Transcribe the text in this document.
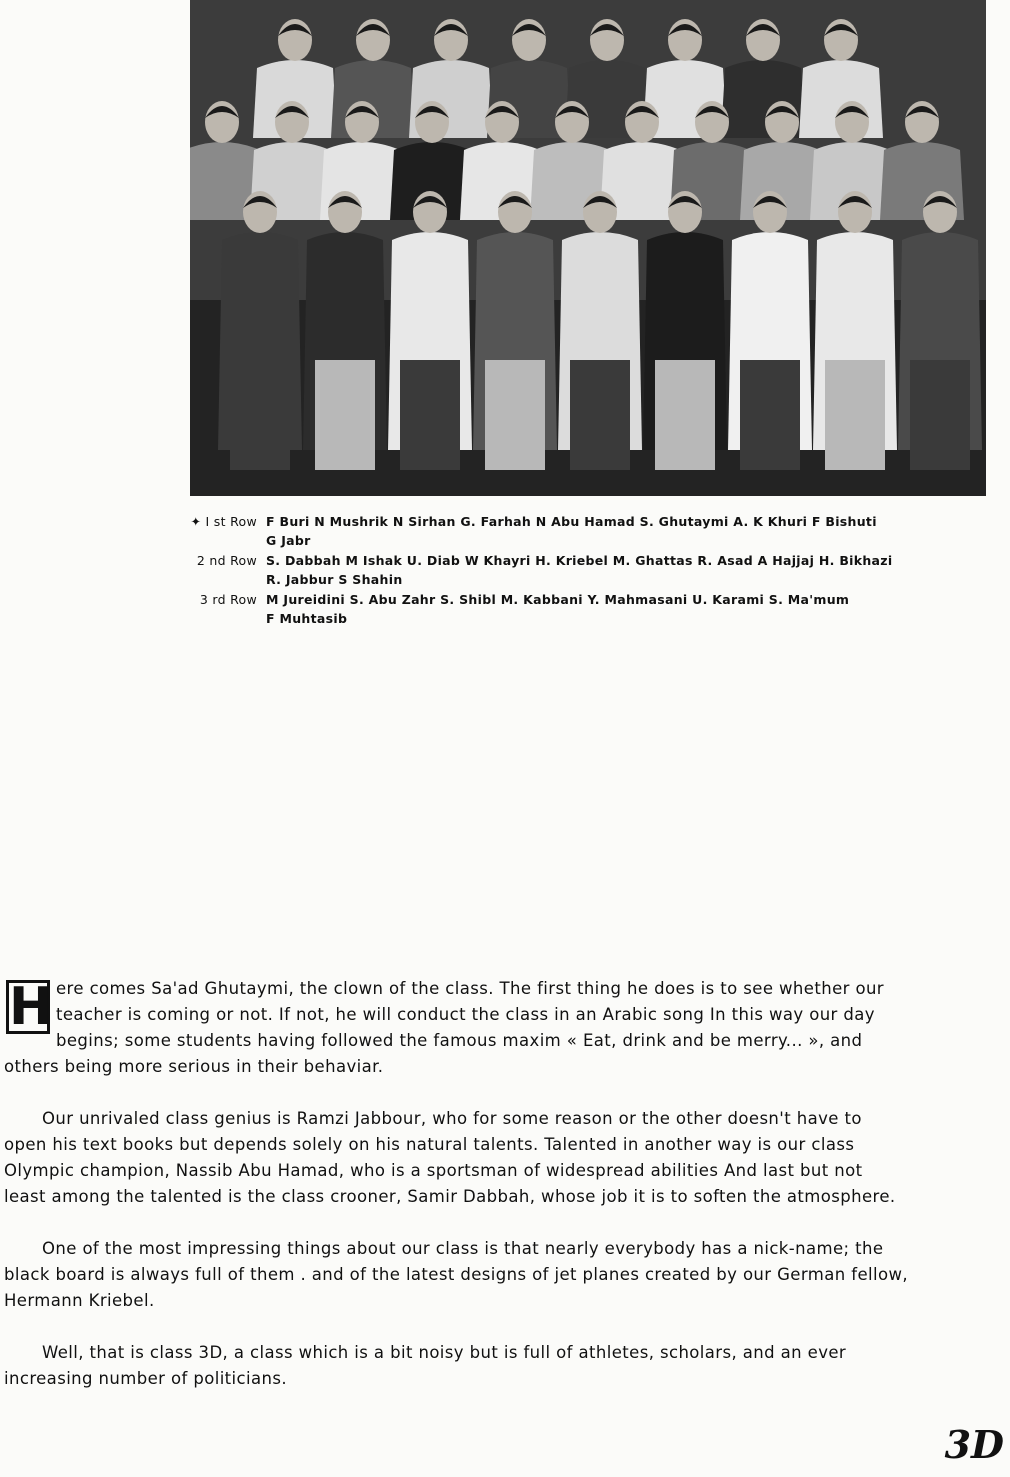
✦ I st Row F Buri N Mushrik N Sirhan G. Farhah N Abu Hamad S. Ghutaymi A. K Khuri F Bishuti
G Jabr
2 nd Row S. Dabbah M Ishak U. Diab W Khayri H. Kriebel M. Ghattas R. Asad A Hajjaj H. Bikhazi
R. Jabbur S Shahin
3 rd Row M Jureidini S. Abu Zahr S. Shibl M. Kabbani Y. Mahmasani U. Karami S. Ma'mum
F Muhtasib

H ere comes Sa'ad Ghutaymi, the clown of the class. The first thing he does is to see whether our teacher is coming or not. If not, he will conduct the class in an Arabic song In this way our day begins; some students having followed the famous maxim « Eat, drink and be merry... », and others being more serious in their behaviar.

Our unrivaled class genius is Ramzi Jabbour, who for some reason or the other doesn't have to open his text books but depends solely on his natural talents. Talented in another way is our class Olympic champion, Nassib Abu Hamad, who is a sportsman of widespread abilities And last but not least among the talented is the class crooner, Samir Dabbah, whose job it is to soften the atmosphere.

One of the most impressing things about our class is that nearly everybody has a nick-name; the black board is always full of them . and of the latest designs of jet planes created by our German fellow, Hermann Kriebel.

Well, that is class 3D, a class which is a bit noisy but is full of athletes, scholars, and an ever increasing number of politicians.

3D
